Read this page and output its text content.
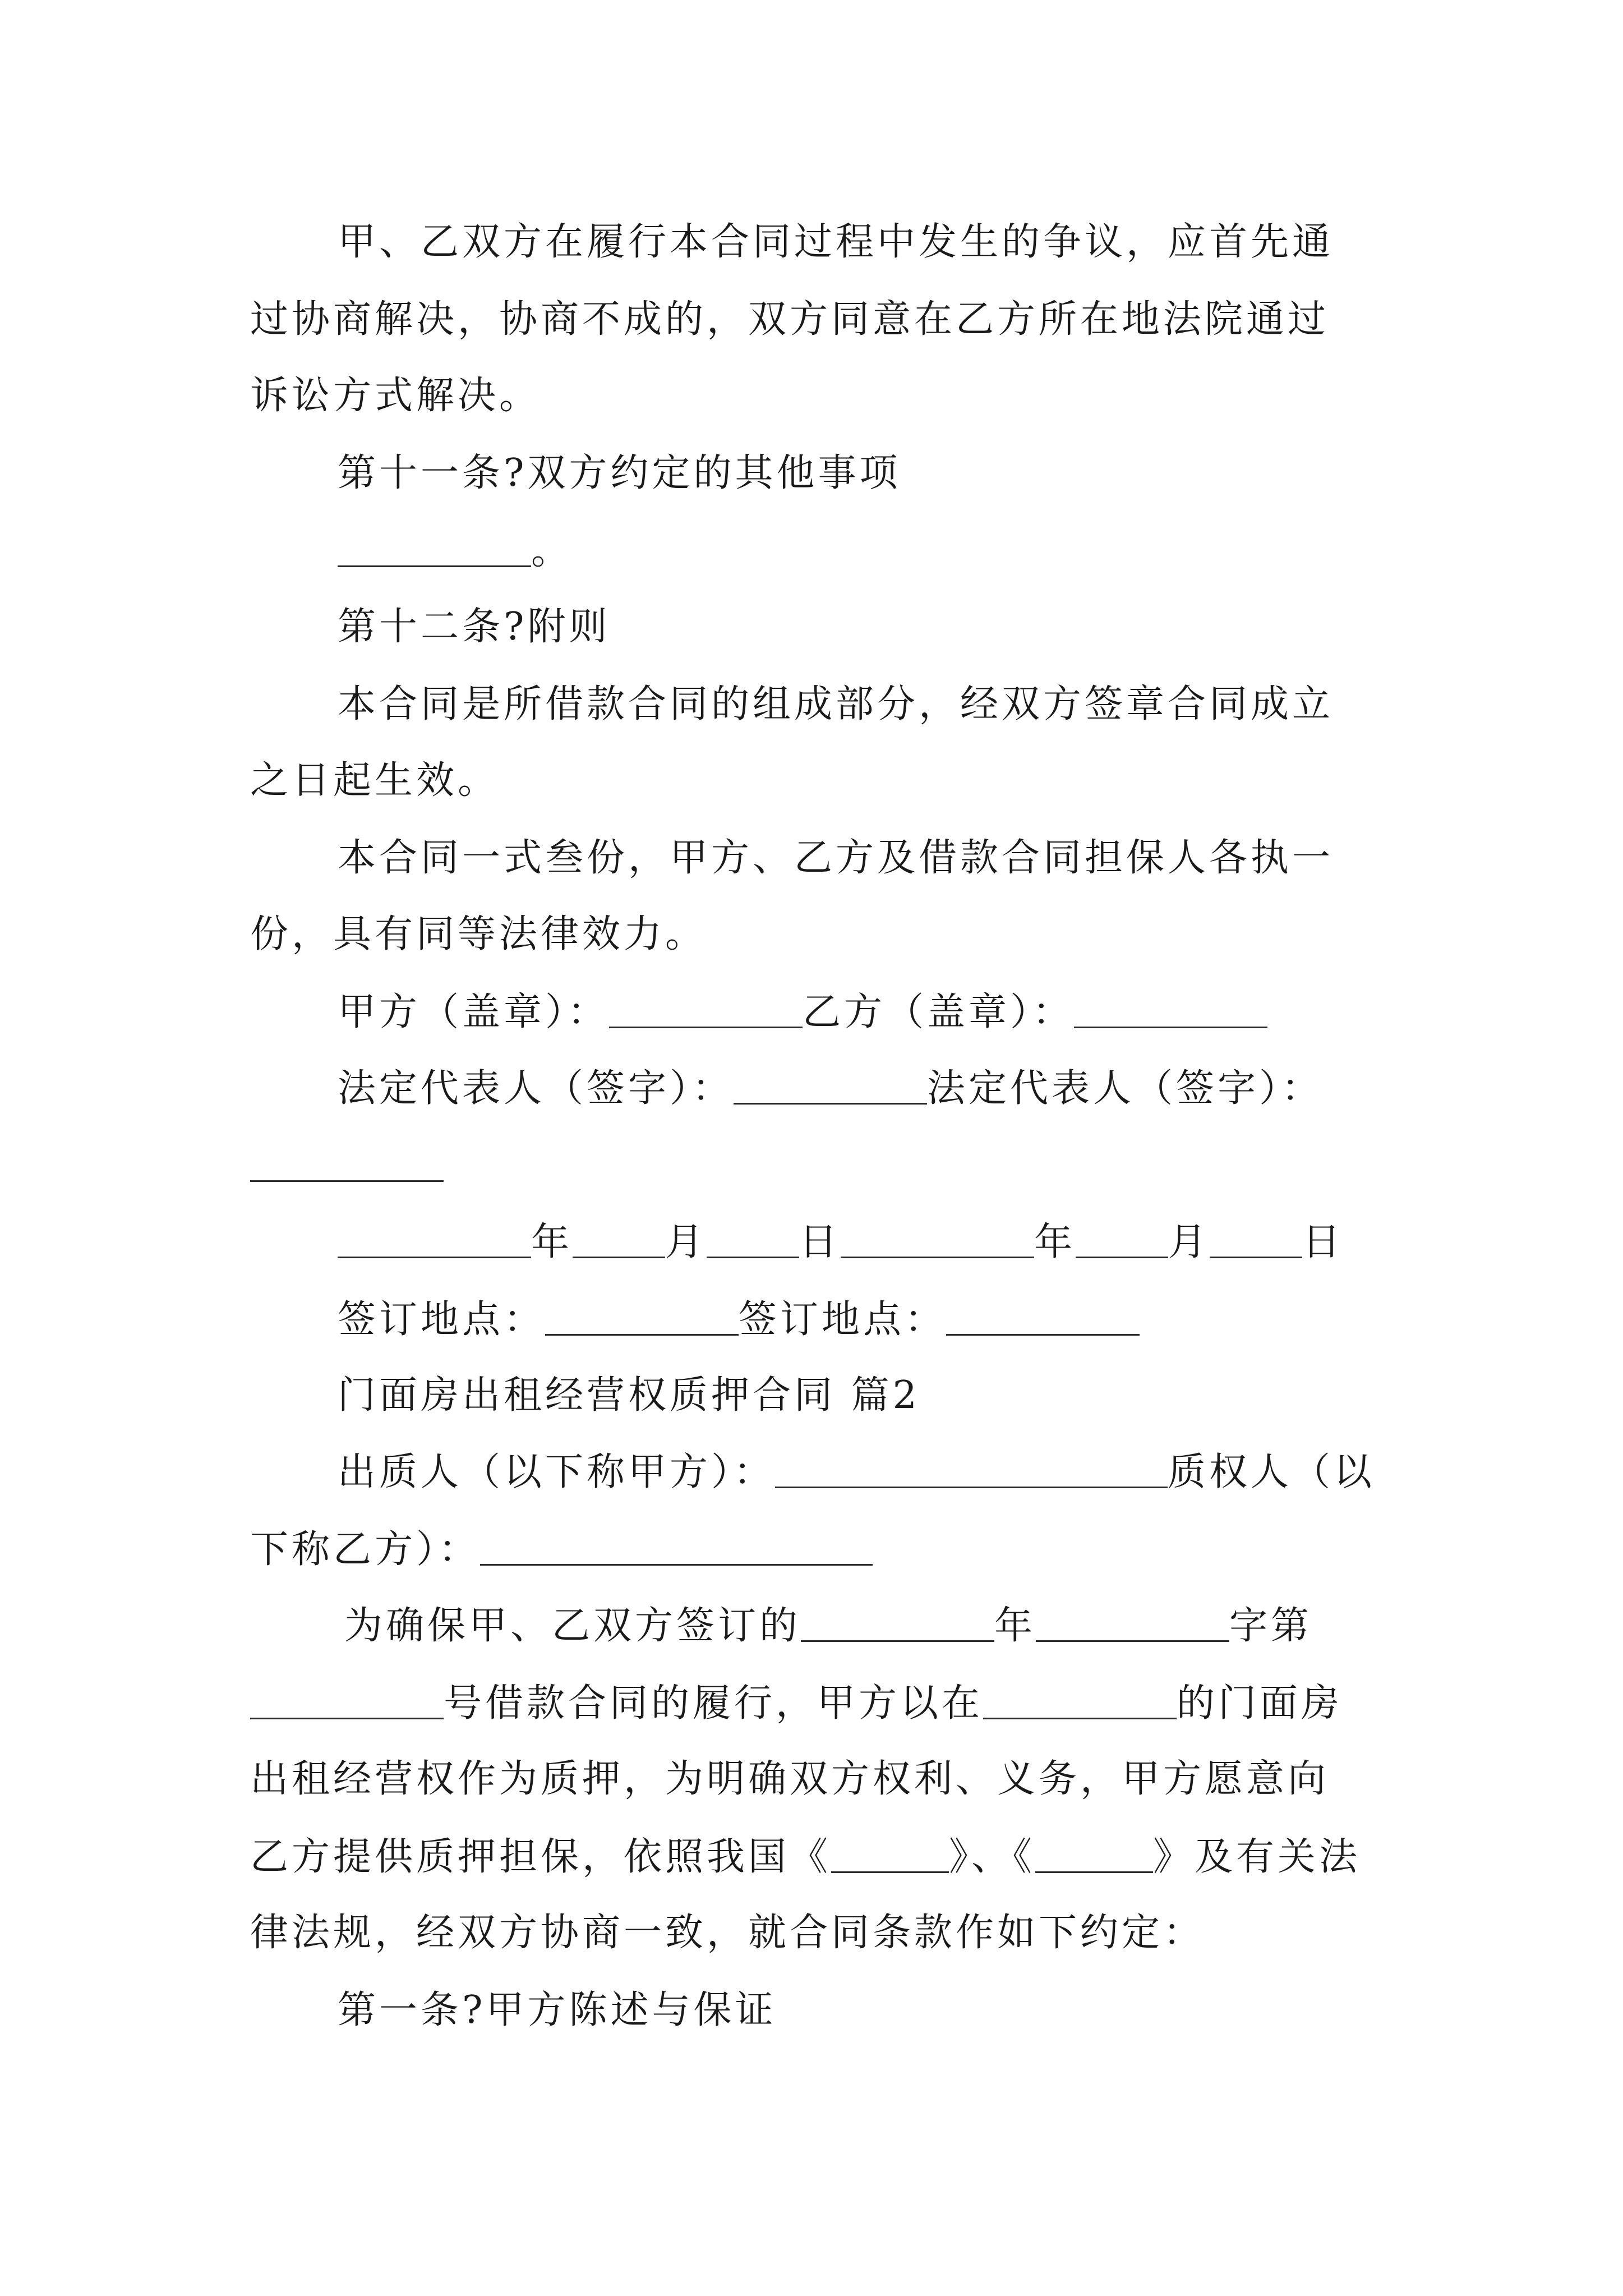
甲、乙双方在履行本合同过程中发生的争议，应首先通
过协商解决，协商不成的，双方同意在乙方所在地法院通过
诉讼方式解决。
第十一条?双方约定的其他事项
。
第十二条?附则
本合同是所借款合同的组成部分，经双方签章合同成立
之日起生效。
本合同一式叁份，甲方、乙方及借款合同担保人各执一
份，具有同等法律效力。
甲方（盖章）：	乙方（盖章）：
法定代表人（签字）：	法定代表人（签字）：
年 月 日	年 月 日
签订地点：	签订地点：
门面房出租经营权质押合同 篇2
出质人（以下称甲方）：	质权人（以
下称乙方）：
为确保甲、乙双方签订的	年	字第
号借款合同的履行，甲方以在	的门面房
出租经营权作为质押，为明确双方权利、义务，甲方愿意向
乙方提供质押担保，依照我国《	》、《	》及有关法
律法规，经双方协商一致，就合同条款作如下约定：
第一条?甲方陈述与保证
